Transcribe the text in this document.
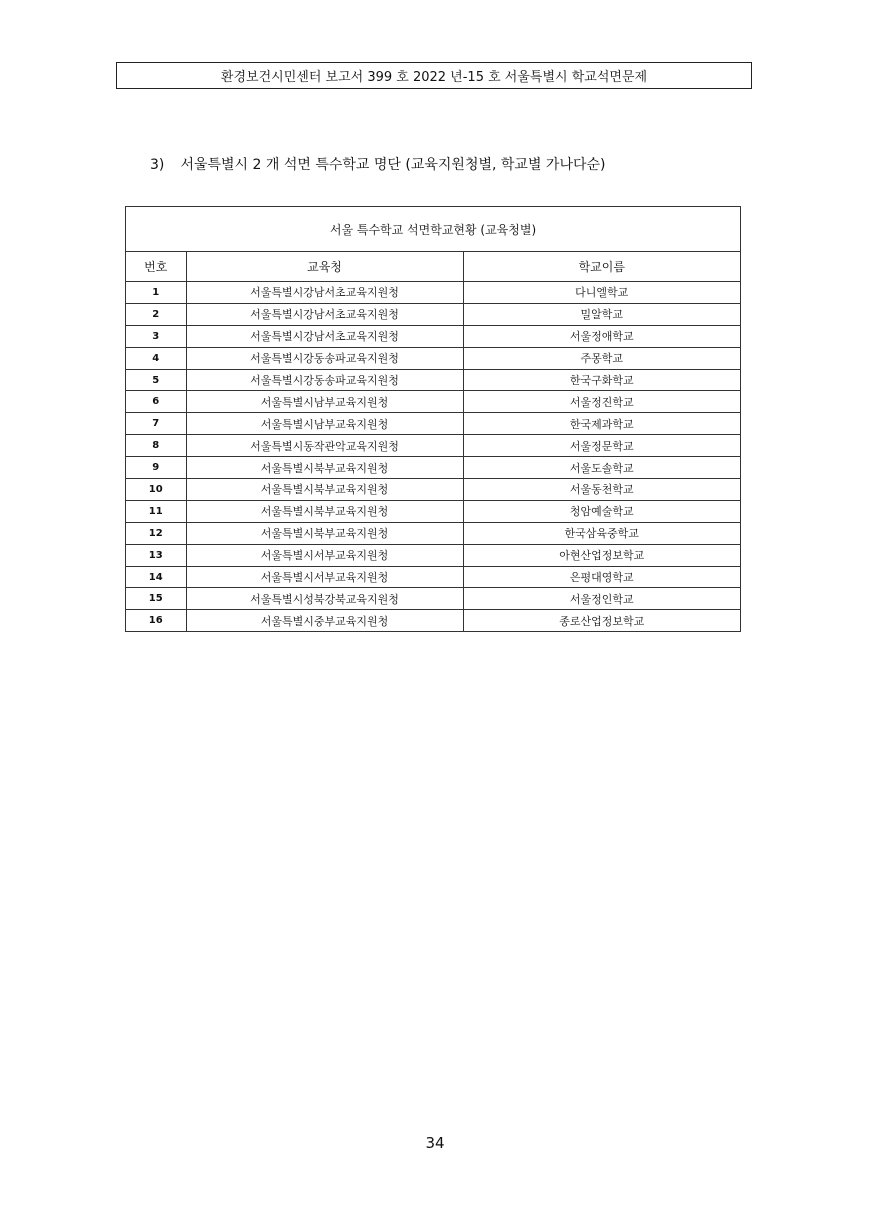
환경보건시민센터 보고서 399 호 2022 년-15 호 서울특별시 학교석면문제
3) 서울특별시 2 개 석면 특수학교 명단 (교육지원청별, 학교별 가나다순)
서울 특수학교 석면학교현황 (교육청별)
번호	교육청	학교이름
1	서울특별시강남서초교육지원청	다니엘학교
2	서울특별시강남서초교육지원청	밀알학교
3	서울특별시강남서초교육지원청	서울정애학교
4	서울특별시강동송파교육지원청	주몽학교
5	서울특별시강동송파교육지원청	한국구화학교
6	서울특별시남부교육지원청	서울정진학교
7	서울특별시남부교육지원청	한국제과학교
8	서울특별시동작관악교육지원청	서울정문학교
9	서울특별시북부교육지원청	서울도솔학교
10	서울특별시북부교육지원청	서울동천학교
11	서울특별시북부교육지원청	청암예술학교
12	서울특별시북부교육지원청	한국삼육중학교
13	서울특별시서부교육지원청	아현산업정보학교
14	서울특별시서부교육지원청	은평대영학교
15	서울특별시성북강북교육지원청	서울정인학교
16	서울특별시중부교육지원청	종로산업정보학교
34
